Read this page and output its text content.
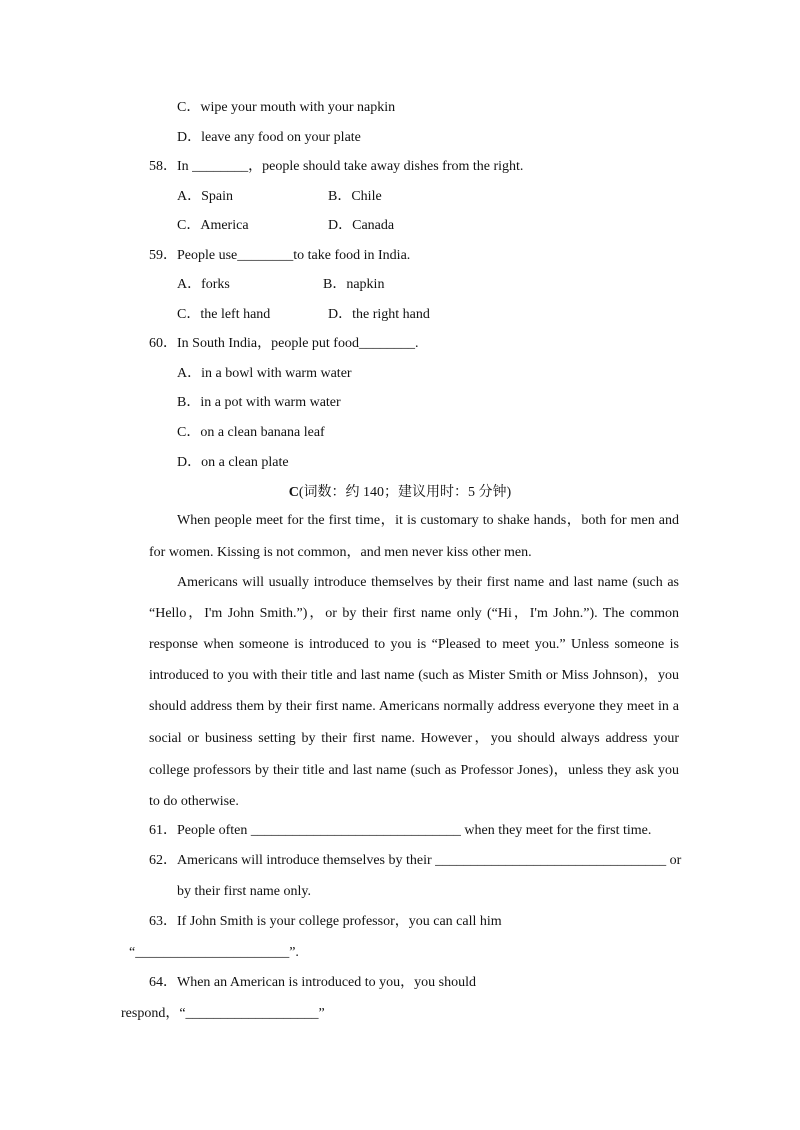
C．wipe your mouth with your napkin
D．leave any food on your plate
58．In ________，people should take away dishes from the right.
A．Spain	B．Chile
C．America	D．Canada
59．People use________to take food in India.
A．forks	B．napkin
C．the left hand	D．the right hand
60．In South India，people put food________.
A．in a bowl with warm water
B．in a pot with warm water
C．on a clean banana leaf
D．on a clean plate
C(词数：约 140；建议用时：5 分钟)
When people meet for the first time，it is customary to shake hands，both for men and
for women. Kissing is not common，and men never kiss other men.
Americans will usually introduce themselves by their first name and last name (such as
“Hello，I'm John Smith.”)，or by their first name only (“Hi，I'm John.”). The common
response when someone is introduced to you is “Pleased to meet you.” Unless someone is
introduced to you with their title and last name (such as Mister Smith or Miss Johnson)，you
should address them by their first name. Americans normally address everyone they meet in a
social or business setting by their first name. However，you should always address your
college professors by their title and last name (such as Professor Jones)，unless they ask you
to do otherwise.
61．People often ______________________________ when they meet for the first time.
62．Americans will introduce themselves by their _________________________________ or
by their first name only.
63．If John Smith is your college professor，you can call him
“______________________”.
64．When an American is introduced to you，you should
respond，“___________________”
